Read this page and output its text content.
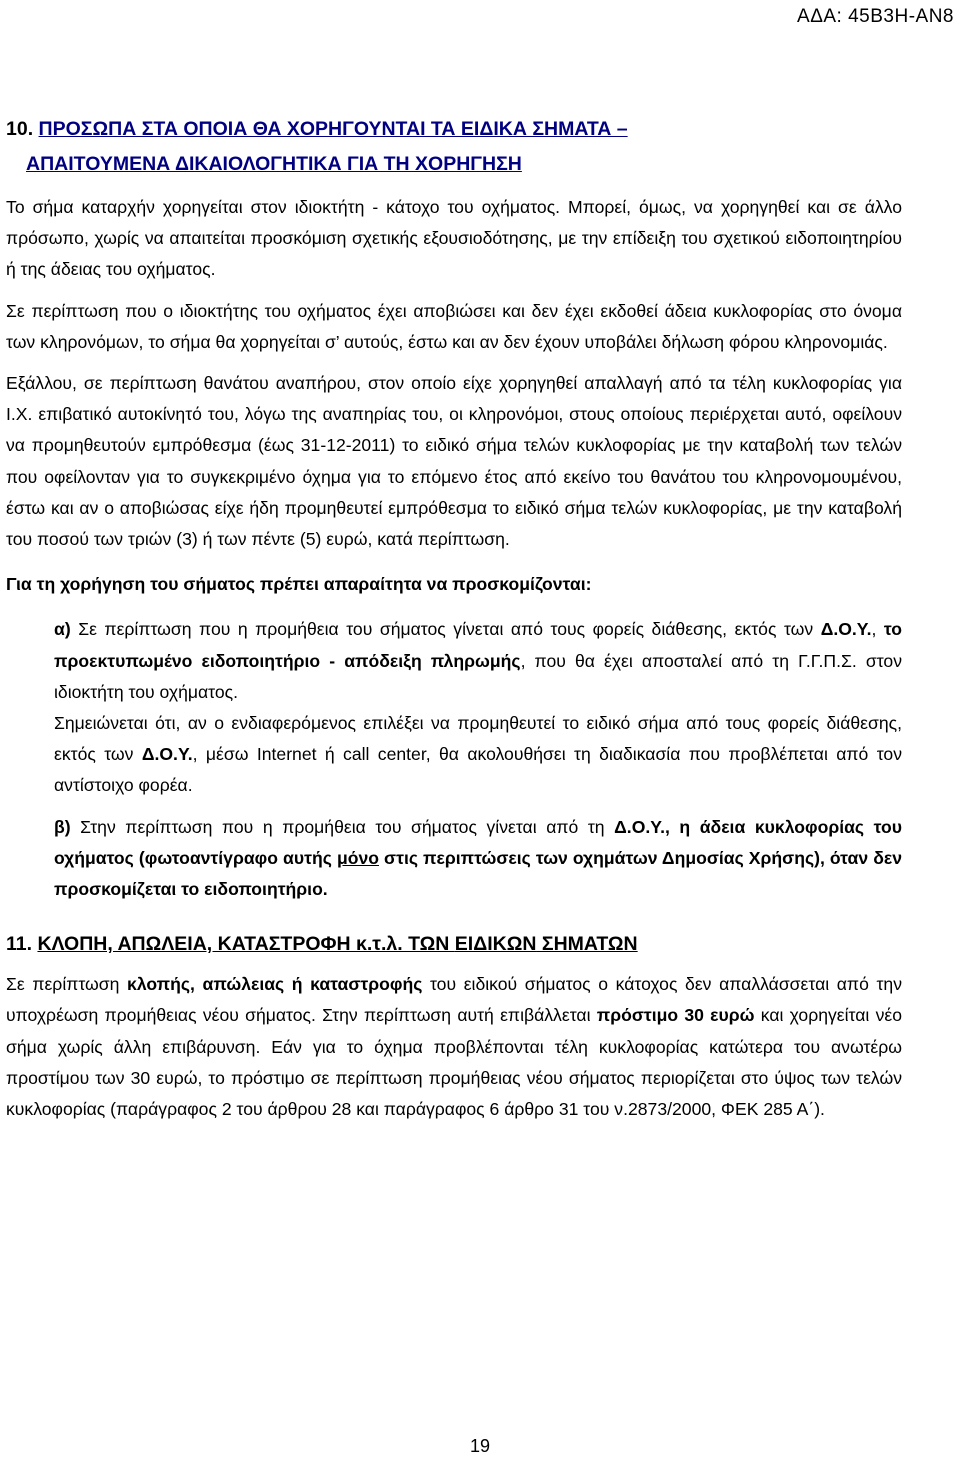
ΑΔΑ: 45Β3Η-ΑΝ8
10. ΠΡΟΣΩΠΑ ΣΤΑ ΟΠΟΙΑ ΘΑ ΧΟΡΗΓΟΥΝΤΑΙ ΤΑ ΕΙΔΙΚΑ ΣΗΜΑΤΑ –
ΑΠΑΙΤΟΥΜΕΝΑ ΔΙΚΑΙΟΛΟΓΗΤΙΚΑ ΓΙΑ ΤΗ ΧΟΡΗΓΗΣΗ

Το σήμα καταρχήν χορηγείται στον ιδιοκτήτη - κάτοχο του οχήματος. Μπορεί, όμως, να χορηγηθεί και σε άλλο πρόσωπο, χωρίς να απαιτείται προσκόμιση σχετικής εξουσιοδότησης, με την επίδειξη του σχετικού ειδοποιητηρίου ή της άδειας του οχήματος.

Σε περίπτωση που ο ιδιοκτήτης του οχήματος έχει αποβιώσει και δεν έχει εκδοθεί άδεια κυκλοφορίας στο όνομα των κληρονόμων, το σήμα θα χορηγείται σ’ αυτούς, έστω και αν δεν έχουν υποβάλει δήλωση φόρου κληρονομιάς.

Εξάλλου, σε περίπτωση θανάτου αναπήρου, στον οποίο είχε χορηγηθεί απαλλαγή από τα τέλη κυκλοφορίας για Ι.Χ. επιβατικό αυτοκίνητό του, λόγω της αναπηρίας του, οι κληρονόμοι, στους οποίους περιέρχεται αυτό, οφείλουν να προμηθευτούν εμπρόθεσμα (έως 31-12-2011) το ειδικό σήμα τελών κυκλοφορίας με την καταβολή των τελών που οφείλονταν για το συγκεκριμένο όχημα για το επόμενο έτος από εκείνο του θανάτου του κληρονομουμένου, έστω και αν ο αποβιώσας είχε ήδη προμηθευτεί εμπρόθεσμα το ειδικό σήμα τελών κυκλοφορίας, με την καταβολή του ποσού των τριών (3) ή των πέντε (5) ευρώ, κατά περίπτωση.

Για τη χορήγηση του σήματος πρέπει απαραίτητα να προσκομίζονται:

α) Σε περίπτωση που η προμήθεια του σήματος γίνεται από τους φορείς διάθεσης, εκτός των Δ.Ο.Υ., το προεκτυπωμένο ειδοποιητήριο - απόδειξη πληρωμής, που θα έχει αποσταλεί από τη Γ.Γ.Π.Σ. στον ιδιοκτήτη του οχήματος.

Σημειώνεται ότι, αν ο ενδιαφερόμενος επιλέξει να προμηθευτεί το ειδικό σήμα από τους φορείς διάθεσης, εκτός των Δ.Ο.Υ., μέσω Internet ή call center, θα ακολουθήσει τη διαδικασία που προβλέπεται από τον αντίστοιχο φορέα.

β) Στην περίπτωση που η προμήθεια του σήματος γίνεται από τη Δ.Ο.Υ., η άδεια κυκλοφορίας του οχήματος (φωτοαντίγραφο αυτής μόνο στις περιπτώσεις των οχημάτων Δημοσίας Χρήσης), όταν δεν προσκομίζεται το ειδοποιητήριο.

11. ΚΛΟΠΗ, ΑΠΩΛΕΙΑ, ΚΑΤΑΣΤΡΟΦΗ κ.τ.λ. ΤΩΝ ΕΙΔΙΚΩΝ ΣΗΜΑΤΩΝ

Σε περίπτωση κλοπής, απώλειας ή καταστροφής του ειδικού σήματος ο κάτοχος δεν απαλλάσσεται από την υποχρέωση προμήθειας νέου σήματος. Στην περίπτωση αυτή επιβάλλεται πρόστιμο 30 ευρώ και χορηγείται νέο σήμα χωρίς άλλη επιβάρυνση. Εάν για το όχημα προβλέπονται τέλη κυκλοφορίας κατώτερα του ανωτέρω προστίμου των 30 ευρώ, το πρόστιμο σε περίπτωση προμήθειας νέου σήματος περιορίζεται στο ύψος των τελών κυκλοφορίας (παράγραφος 2 του άρθρου 28 και παράγραφος 6 άρθρο 31 του ν.2873/2000, ΦΕΚ 285 Α΄).

19
